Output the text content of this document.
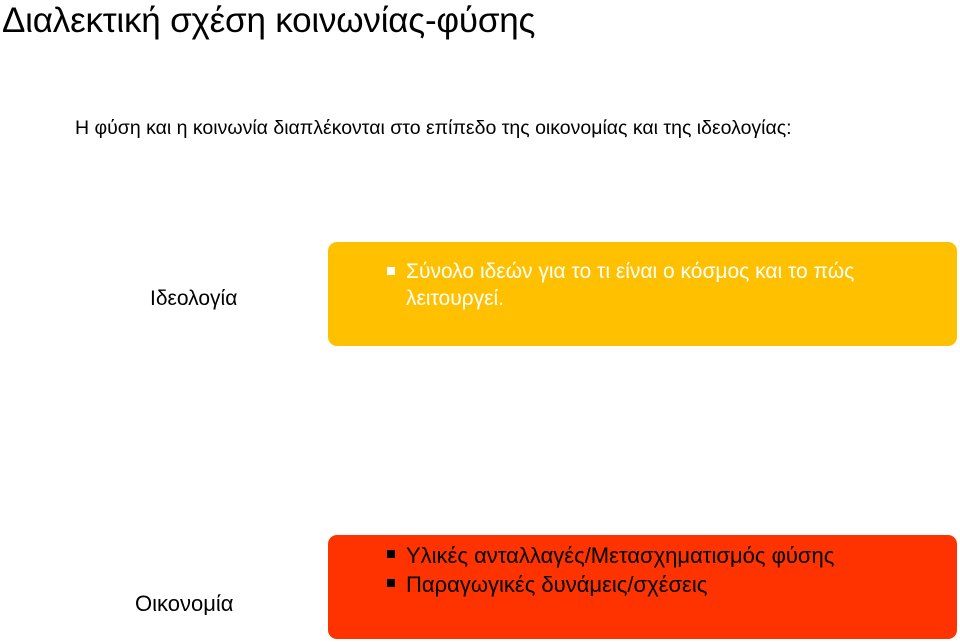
Διαλεκτική σχέση κοινωνίας-φύσης
Η φύση και η κοινωνία διαπλέκονται στο επίπεδο της οικονομίας και της ιδεολογίας:
Ιδεολογία
Σύνολο ιδεών για το τι είναι ο κόσμος και το πώς λειτουργεί.
Οικονομία
Υλικές ανταλλαγές/Μετασχηματισμός φύσης
Παραγωγικές δυνάμεις/σχέσεις
